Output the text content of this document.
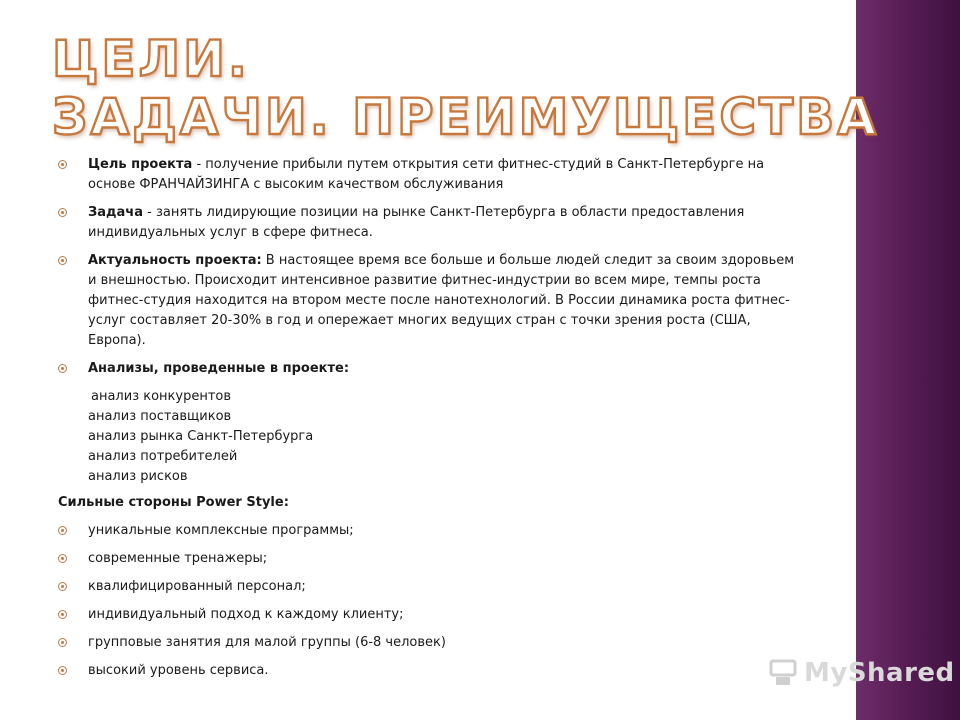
ЦЕЛИ.
ЗАДАЧИ. ПРЕИМУЩЕСТВА
Цель проекта - получение прибыли путем открытия сети фитнес-студий в Санкт-Петербурге на основе ФРАНЧАЙЗИНГА с высоким качеством обслуживания
Задача - занять лидирующие позиции на рынке Санкт-Петербурга в области предоставления индивидуальных услуг в сфере фитнеса.
Актуальность проекта: В настоящее время все больше и больше людей следит за своим здоровьем и внешностью. Происходит интенсивное развитие фитнес-индустрии во всем мире, темпы роста фитнес-студия находится на втором месте после нанотехнологий. В России динамика роста фитнес-услуг составляет 20-30% в год и опережает многих ведущих стран с точки зрения роста (США, Европа).
Анализы, проведенные в проекте:
анализ конкурентов
анализ поставщиков
анализ рынка Санкт-Петербурга
анализ потребителей
анализ рисков
Сильные стороны Power Style:
уникальные комплексные программы;
современные тренажеры;
квалифицированный персонал;
индивидуальный подход к каждому клиенту;
групповые занятия для малой группы (6-8 человек)
высокий уровень сервиса.	MyShared
